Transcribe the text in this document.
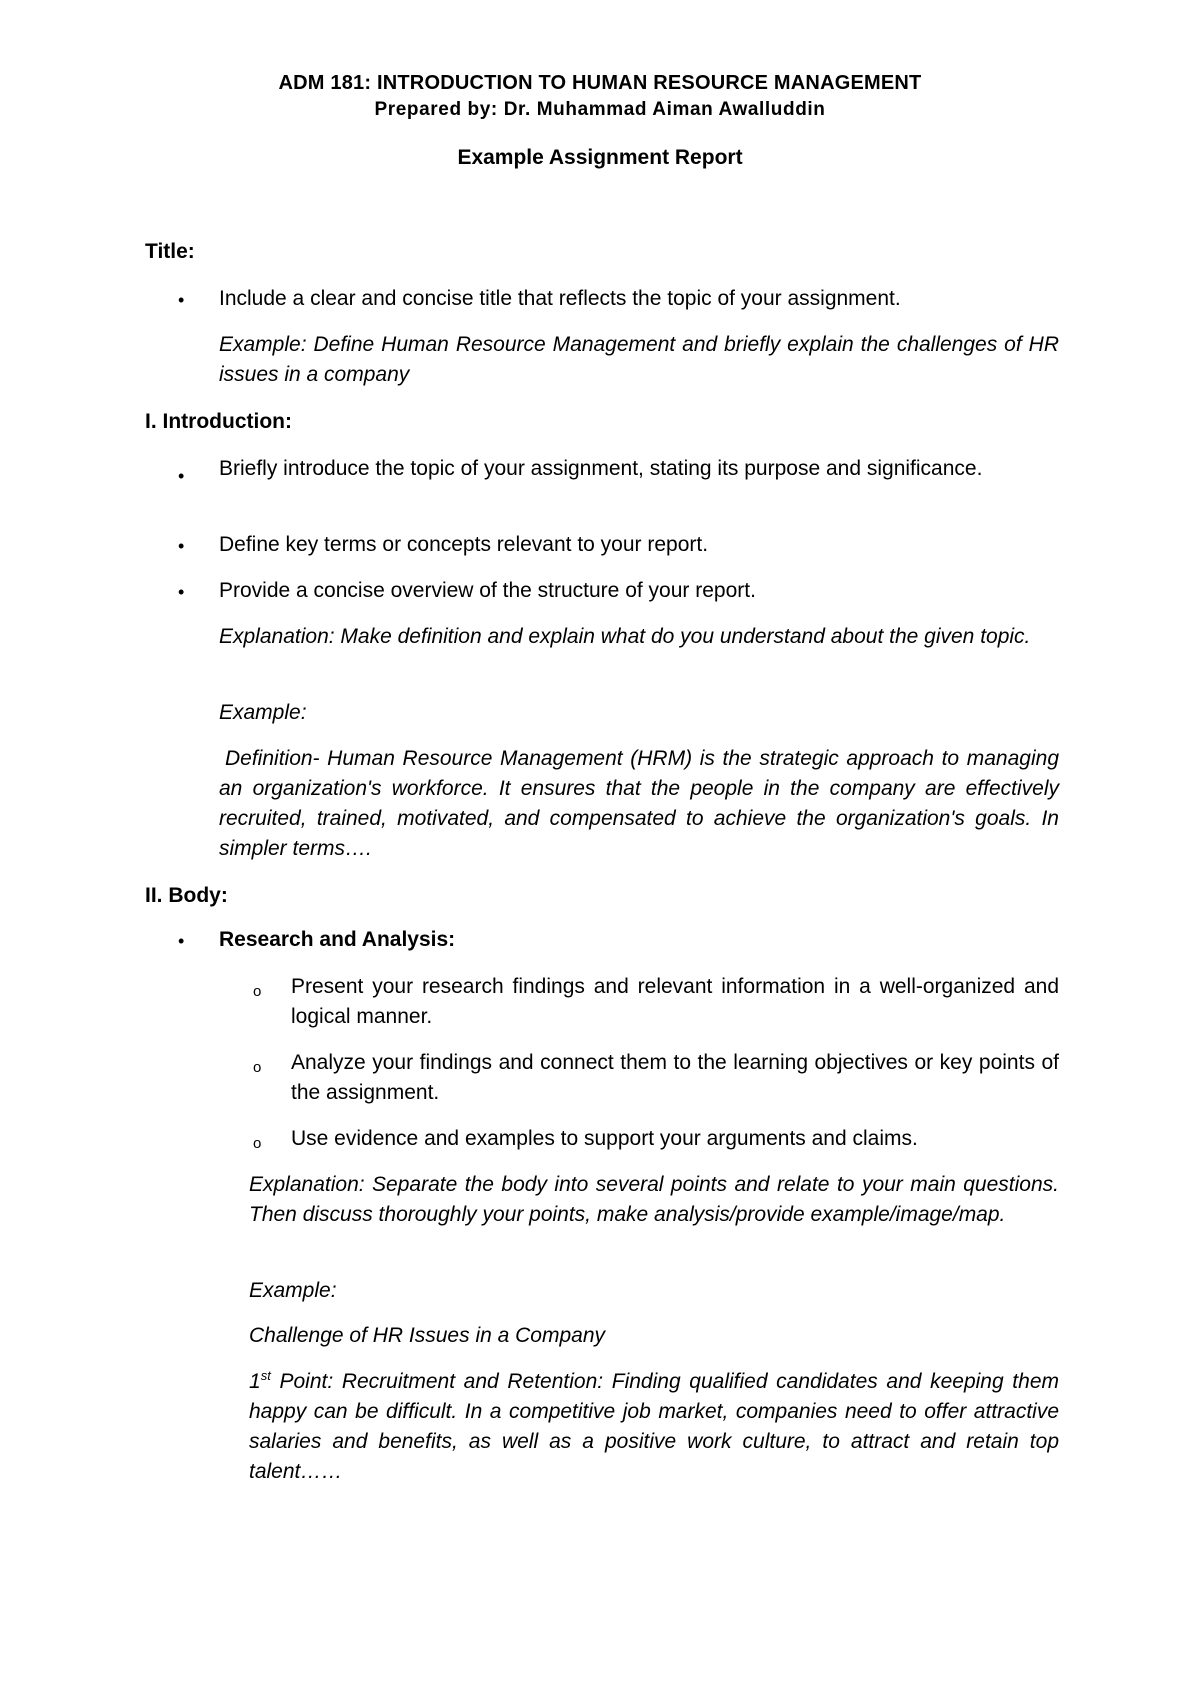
ADM 181: INTRODUCTION TO HUMAN RESOURCE MANAGEMENT
Prepared by: Dr. Muhammad Aiman Awalluddin
Example Assignment Report
Title:
• Include a clear and concise title that reflects the topic of your assignment.
Example: Define Human Resource Management and briefly explain the challenges of HR issues in a company
I. Introduction:
• Briefly introduce the topic of your assignment, stating its purpose and significance.
• Define key terms or concepts relevant to your report.
• Provide a concise overview of the structure of your report.
Explanation: Make definition and explain what do you understand about the given topic.
Example:
Definition- Human Resource Management (HRM) is the strategic approach to managing an organization's workforce. It ensures that the people in the company are effectively recruited, trained, motivated, and compensated to achieve the organization's goals. In simpler terms….
II. Body:
• Research and Analysis:
o Present your research findings and relevant information in a well-organized and logical manner.
o Analyze your findings and connect them to the learning objectives or key points of the assignment.
o Use evidence and examples to support your arguments and claims.
Explanation: Separate the body into several points and relate to your main questions. Then discuss thoroughly your points, make analysis/provide example/image/map.
Example:
Challenge of HR Issues in a Company
1st Point: Recruitment and Retention: Finding qualified candidates and keeping them happy can be difficult. In a competitive job market, companies need to offer attractive salaries and benefits, as well as a positive work culture, to attract and retain top talent……
